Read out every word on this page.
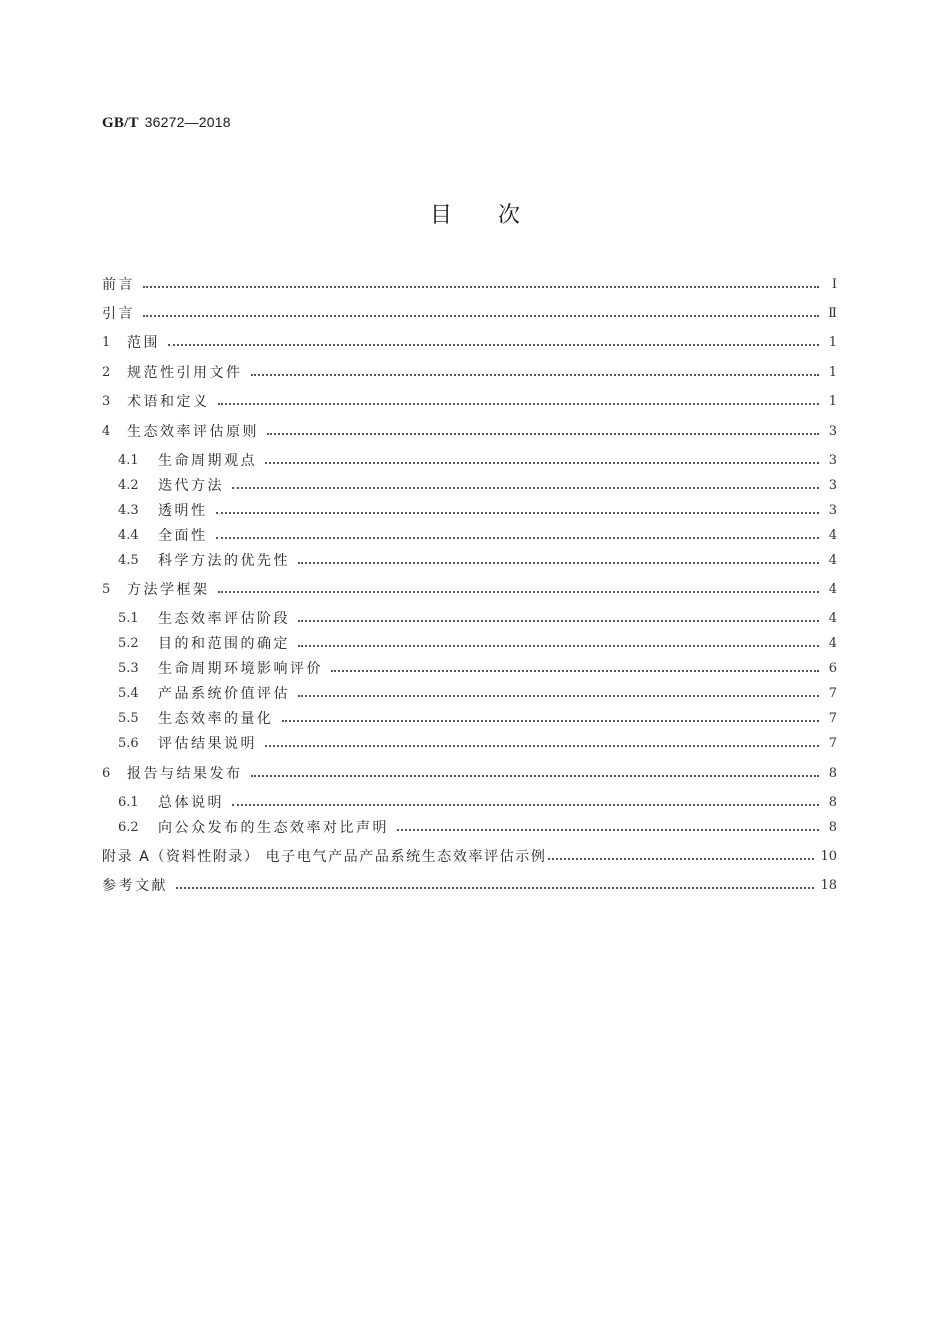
GB/T 36272—2018
目 次
前言	Ⅰ
引言	Ⅱ
1	范围	1
2	规范性引用文件	1
3	术语和定义	1
4	生态效率评估原则	3
4.1	生命周期观点	3
4.2	迭代方法	3
4.3	透明性	3
4.4	全面性	4
4.5	科学方法的优先性	4
5	方法学框架	4
5.1	生态效率评估阶段	4
5.2	目的和范围的确定	4
5.3	生命周期环境影响评价	6
5.4	产品系统价值评估	7
5.5	生态效率的量化	7
5.6	评估结果说明	7
6	报告与结果发布	8
6.1	总体说明	8
6.2	向公众发布的生态效率对比声明	8
附录 A（资料性附录） 电子电气产品产品系统生态效率评估示例	10
参考文献	18
